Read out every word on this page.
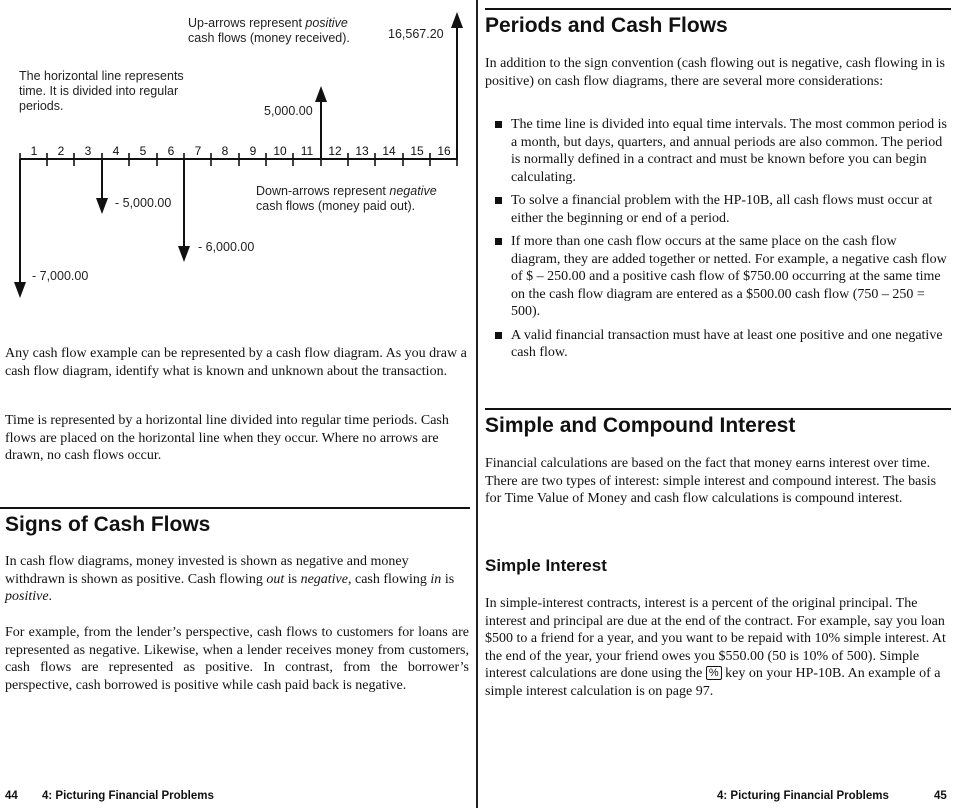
Up-arrows represent positive
cash flows (money received).
The horizontal line represents
time. It is divided into regular
periods.
Down-arrows represent negative
cash flows (money paid out).
16,567.20
5,000.00
- 5,000.00
- 6,000.00
- 7,000.00
1	2	3	4	5	6	7	8	9	10 11 12 13 14 15 16

Any cash flow example can be represented by a cash flow diagram. As you draw a cash flow diagram, identify what is known and unknown about the transaction.

Time is represented by a horizontal line divided into regular time periods. Cash flows are placed on the horizontal line when they occur. Where no arrows are drawn, no cash flows occur.

Signs of Cash Flows

In cash flow diagrams, money invested is shown as negative and money withdrawn is shown as positive. Cash flowing out is negative, cash flowing in is positive.

For example, from the lender’s perspective, cash flows to customers for loans are represented as negative. Likewise, when a lender receives money from customers, cash flows are represented as positive. In contrast, from the borrower’s perspective, cash borrowed is positive while cash paid back is negative.

44 4: Picturing Financial Problems
Periods and Cash Flows

In addition to the sign convention (cash flowing out is negative, cash flowing in is positive) on cash flow diagrams, there are several more considerations:

The time line is divided into equal time intervals. The most common period is a month, but days, quarters, and annual periods are also common. The period is normally defined in a contract and must be known before you can begin calculating.
To solve a financial problem with the HP-10B, all cash flows must occur at either the beginning or end of a period.
If more than one cash flow occurs at the same place on the cash flow diagram, they are added together or netted. For example, a negative cash flow of $ – 250.00 and a positive cash flow of $750.00 occurring at the same time on the cash flow diagram are entered as a $500.00 cash flow (750 – 250 = 500).
A valid financial transaction must have at least one positive and one negative cash flow.
Simple and Compound Interest

Financial calculations are based on the fact that money earns interest over time. There are two types of interest: simple interest and compound interest. The basis for Time Value of Money and cash flow calculations is compound interest.

Simple Interest

In simple-interest contracts, interest is a percent of the original principal. The interest and principal are due at the end of the contract. For example, say you loan $500 to a friend for a year, and you want to be repaid with 10% simple interest. At the end of the year, your friend owes you $550.00 (50 is 10% of 500). Simple interest calculations are done using the % key on your HP-10B. An example of a simple interest calculation is on page 97.

4: Picturing Financial Problems	45
